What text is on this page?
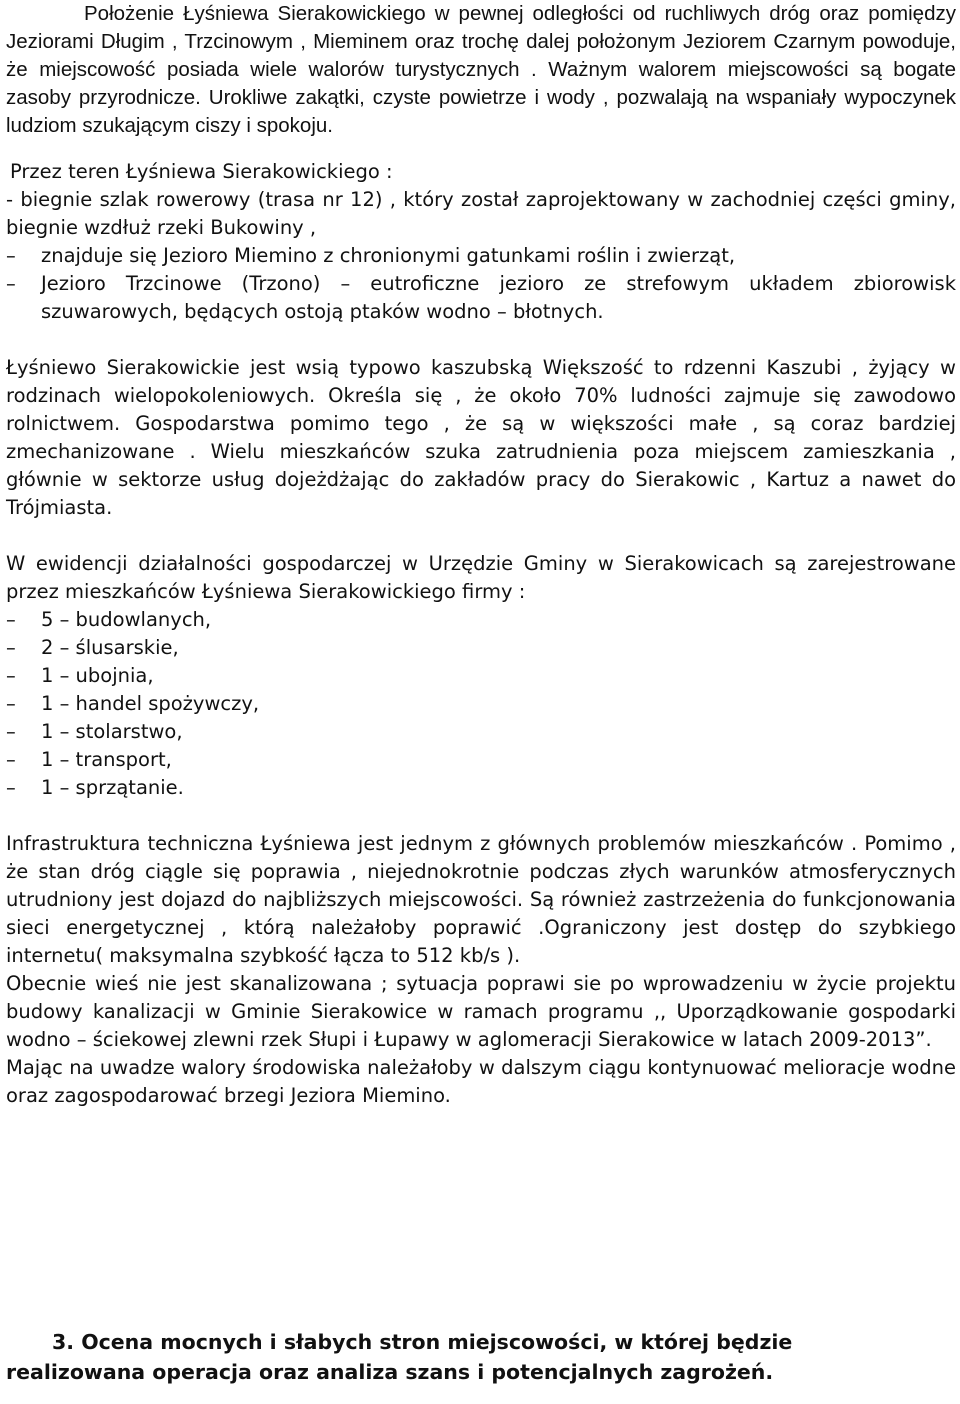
Położenie Łyśniewa Sierakowickiego w pewnej odległości od ruchliwych dróg oraz pomiędzy Jeziorami Długim , Trzcinowym , Mieminem oraz trochę dalej położonym Jeziorem Czarnym powoduje, że miejscowość posiada wiele walorów turystycznych . Ważnym walorem miejscowości są bogate zasoby przyrodnicze. Urokliwe zakątki, czyste powietrze i wody , pozwalają na wspaniały wypoczynek ludziom szukającym ciszy i spokoju.

Przez teren Łyśniewa Sierakowickiego :

- biegnie szlak rowerowy (trasa nr 12) , który został zaprojektowany w zachodniej części gminy, biegnie wzdłuż rzeki Bukowiny ,

–	znajduje się Jezioro Miemino z chronionymi gatunkami roślin i zwierząt,
–	Jezioro Trzcinowe (Trzono) – eutroficzne jezioro ze strefowym układem zbiorowisk szuwarowych, będących ostoją ptaków wodno – błotnych.

Łyśniewo Sierakowickie jest wsią typowo kaszubską Większość to rdzenni Kaszubi , żyjący w rodzinach wielopokoleniowych. Określa się , że około 70% ludności zajmuje się zawodowo rolnictwem. Gospodarstwa pomimo tego , że są w większości małe , są coraz bardziej zmechanizowane . Wielu mieszkańców szuka zatrudnienia poza miejscem zamieszkania , głównie w sektorze usług dojeżdżając do zakładów pracy do Sierakowic , Kartuz a nawet do Trójmiasta.

W ewidencji działalności gospodarczej w Urzędzie Gminy w Sierakowicach są zarejestrowane przez mieszkańców Łyśniewa Sierakowickiego firmy :

–	5 – budowlanych,
–	2 – ślusarskie,
–	1 – ubojnia,
–	1 – handel spożywczy,
–	1 – stolarstwo,
–	1 – transport,
–	1 – sprzątanie.

Infrastruktura techniczna Łyśniewa jest jednym z głównych problemów mieszkańców . Pomimo , że stan dróg ciągle się poprawia , niejednokrotnie podczas złych warunków atmosferycznych utrudniony jest dojazd do najbliższych miejscowości. Są również zastrzeżenia do funkcjonowania sieci energetycznej , którą należałoby poprawić .Ograniczony jest dostęp do szybkiego internetu( maksymalna szybkość łącza to 512 kb/s ).

Obecnie wieś nie jest skanalizowana ; sytuacja poprawi sie po wprowadzeniu w życie projektu budowy kanalizacji w Gminie Sierakowice w ramach programu ,, Uporządkowanie gospodarki wodno – ściekowej zlewni rzek Słupi i Łupawy w aglomeracji Sierakowice w latach 2009-2013”.

Mając na uwadze walory środowiska należałoby w dalszym ciągu kontynuować melioracje wodne oraz zagospodarować brzegi Jeziora Miemino.

3. Ocena mocnych i słabych stron miejscowości, w której będzie
realizowana operacja oraz analiza szans i potencjalnych zagrożeń.
